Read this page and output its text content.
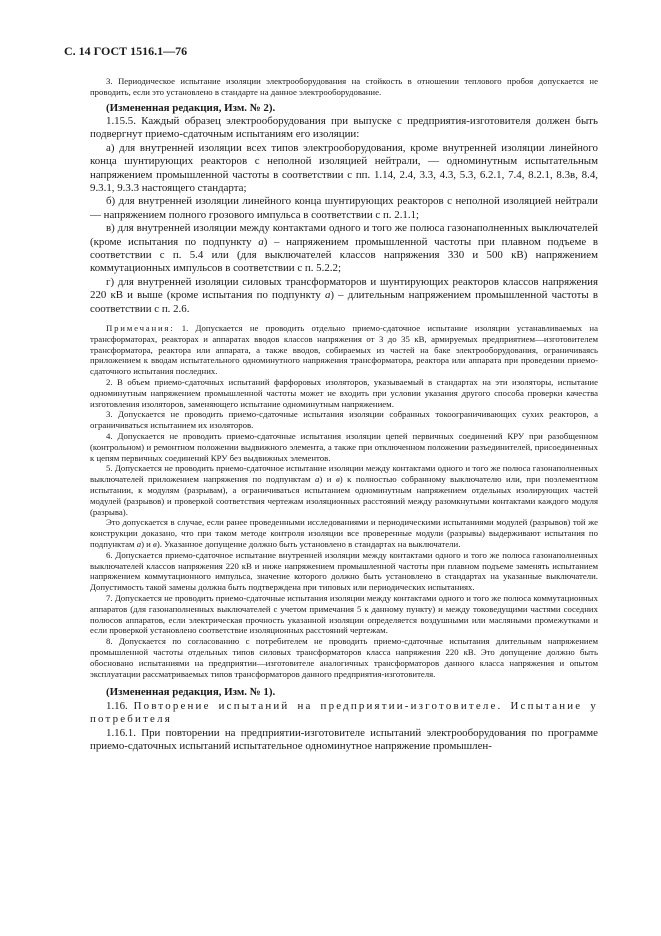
С. 14 ГОСТ 1516.1—76

3. Периодическое испытание изоляции электрооборудования на стойкость в отношении теплового пробоя допускается не проводить, если это установлено в стандарте на данное электрооборудование.

(Измененная редакция, Изм. № 2).

1.15.5. Каждый образец электрооборудования при выпуске с предприятия-изготовителя должен быть подвергнут приемо-сдаточным испытаниям его изоляции:

а) для внутренней изоляции всех типов электрооборудования, кроме внутренней изоляции линейного конца шунтирующих реакторов с неполной изоляцией нейтрали, — одноминутным испытательным напряжением промышленной частоты в соответствии с пп. 1.14, 2.4, 3.3, 4.3, 5.3, 6.2.1, 7.4, 8.2.1, 8.3в, 8.4, 9.3.1, 9.3.3 настоящего стандарта;

б) для внутренней изоляции линейного конца шунтирующих реакторов с неполной изоляцией нейтрали — напряжением полного грозового импульса в соответствии с п. 2.1.1;

в) для внутренней изоляции между контактами одного и того же полюса газонаполненных выключателей (кроме испытания по подпункту а) – напряжением промышленной частоты при плавном подъеме в соответствии с п. 5.4 или (для выключателей классов напряжения 330 и 500 кВ) напряжением коммутационных импульсов в соответствии с п. 5.2.2;

г) для внутренней изоляции силовых трансформаторов и шунтирующих реакторов классов напряжения 220 кВ и выше (кроме испытания по подпункту а) – длительным напряжением промышленной частоты в соответствии с п. 2.6.

Примечания: 1. Допускается не проводить отдельно приемо-сдаточное испытание изоляции устанавливаемых на трансформаторах, реакторах и аппаратах вводов классов напряжения от 3 до 35 кВ, армируемых предприятием—изготовителем трансформатора, реактора или аппарата, а также вводов, собираемых из частей на баке электрооборудования, ограничиваясь приложением к вводам испытательного одноминутного напряжения трансформатора, реактора или аппарата при проведении приемо-сдаточного испытания последних.

2. В объем приемо-сдаточных испытаний фарфоровых изоляторов, указываемый в стандартах на эти изоляторы, испытание одноминутным напряжением промышленной частоты может не входить при условии указания другого способа проверки качества изготовления изоляторов, заменяющего испытание одноминутным напряжением.

3. Допускается не проводить приемо-сдаточные испытания изоляции собранных токоограничивающих сухих реакторов, а ограничиваться испытанием их изоляторов.

4. Допускается не проводить приемо-сдаточные испытания изоляции цепей первичных соединений КРУ при разобщенном (контрольном) и ремонтном положении выдвижного элемента, а также при отключенном положении разъединителей, присоединенных к цепям первичных соединений КРУ без выдвижных элементов.

5. Допускается не проводить приемо-сдаточное испытание изоляции между контактами одного и того же полюса газонаполненных выключателей приложением напряжения по подпунктам а) и в) к полностью собранному выключателю или, при поэлементном испытании, к модулям (разрывам), а ограничиваться испытанием одноминутным напряжением отдельных изолирующих частей модулей (разрывов) и проверкой соответствия чертежам изоляционных расстояний между разомкнутыми контактами каждого модуля (разрыва).

Это допускается в случае, если ранее проведенными исследованиями и периодическими испытаниями модулей (разрывов) той же конструкции доказано, что при таком методе контроля изоляции все проверенные модули (разрывы) выдерживают испытания по подпунктам а) и в). Указанное допущение должно быть установлено в стандартах на выключатели.

6. Допускается приемо-сдаточное испытание внутренней изоляции между контактами одного и того же полюса газонаполненных выключателей классов напряжения 220 кВ и ниже напряжением промышленной частоты при плавном подъеме заменять испытанием напряжением коммутационного импульса, значение которого должно быть установлено в стандартах на указанные выключатели. Допустимость такой замены должна быть подтверждена при типовых или периодических испытаниях.

7. Допускается не проводить приемо-сдаточные испытания изоляции между контактами одного и того же полюса коммутационных аппаратов (для газонаполненных выключателей с учетом примечания 5 к данному пункту) и между токоведущими частями соседних полюсов аппаратов, если электрическая прочность указанной изоляции определяется воздушными или масляными промежутками и если проверкой установлено соответствие изоляционных расстояний чертежам.

8. Допускается по согласованию с потребителем не проводить приемо-сдаточные испытания длительным напряжением промышленной частоты отдельных типов силовых трансформаторов класса напряжения 220 кВ. Это допущение должно быть обосновано испытаниями на предприятии—изготовителе аналогичных трансформаторов данного класса напряжения и опытом эксплуатации рассматриваемых типов трансформаторов данного предприятия-изготовителя.

(Измененная редакция, Изм. № 1).

1.16. Повторение испытаний на предприятии-изготовителе. Испытание у потребителя

1.16.1. При повторении на предприятии-изготовителе испытаний электрооборудования по программе приемо-сдаточных испытаний испытательное одноминутное напряжение промышлен-
